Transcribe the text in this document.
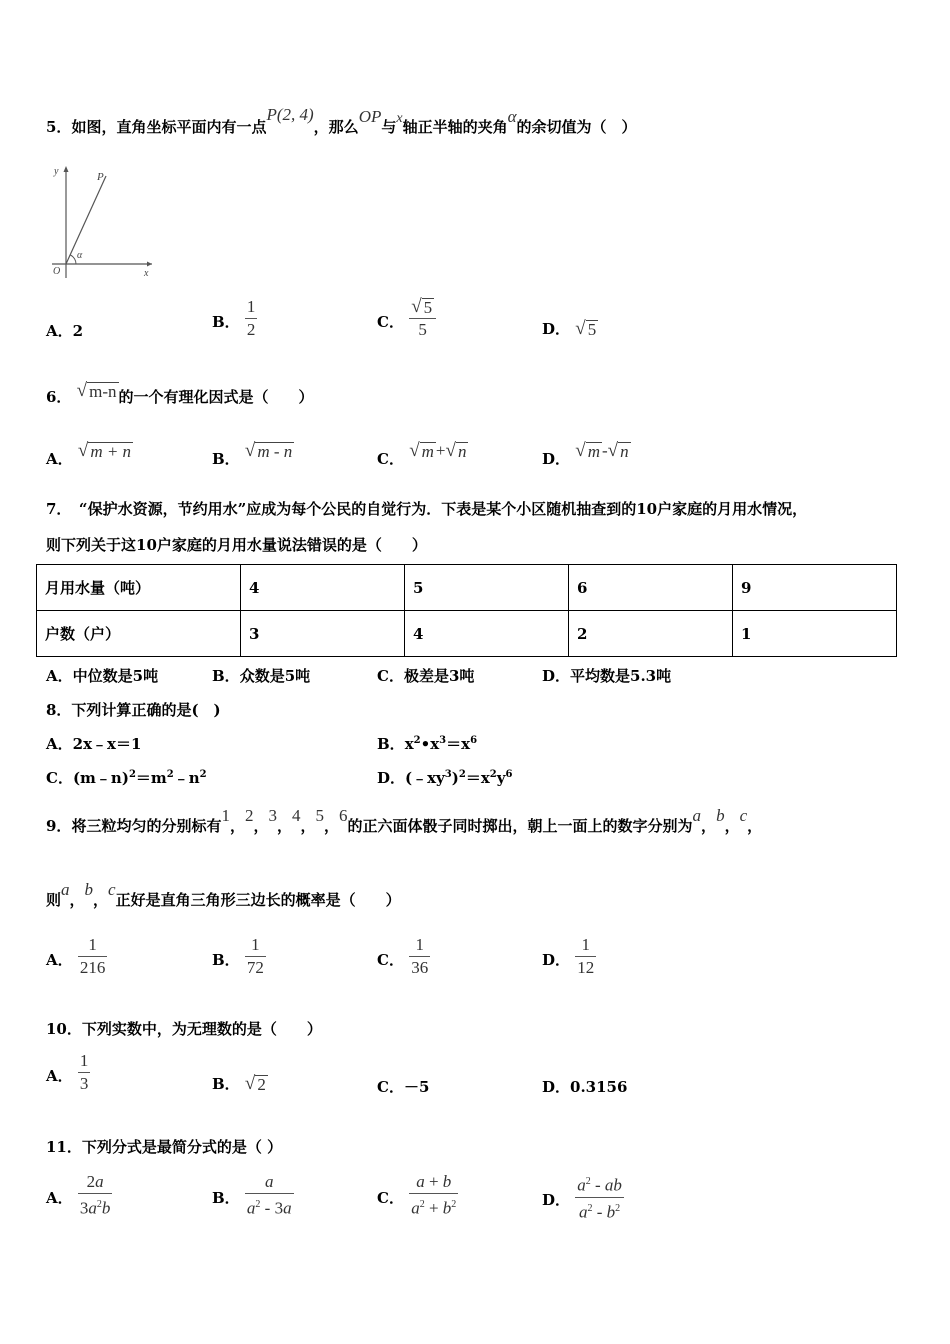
5．如图，直角坐标平面内有一点P(2, 4)，那么OP与x轴正半轴的夹角α的余切值为（　）
y
x
O
P
α
A．2
B． $\frac{1}{2}$	C． $\frac{√ 5}{5}$	D． √ 5
6． √ m-n 的一个有理化因式是（　　）
A． √ m + n	B． √ m - n	C． √ m + √ n	D． √ m - √ n
7．　“保护水资源，节约用水”应成为每个公民的自觉行为．下表是某个小区随机抽查到的10户家庭的月用水情况，
则下列关于这10户家庭的月用水量说法错误的是（　　）
月用水量（吨）	4	5	6	9
户数（户）	3	4	2	1
A．中位数是5吨	B．众数是5吨	C．极差是3吨	D．平均数是5.3吨
8．下列计算正确的是(　)
A．2x﹣x＝1	B．$x^2•x^3=x^6$
C．$(m﹣n)^2=m^2﹣n^2$	D．$(﹣xy^3)^2=x^2y^6$
9．将三粒均匀的分别标有1，2，3，4，5，6的正六面体骰子同时掷出，朝上一面上的数字分别为a，b，c，
则a，b，c正好是直角三角形三边长的概率是（　　）
A． $\frac{1}{216}$	B． $\frac{1}{72}$	C． $\frac{1}{36}$	D． $\frac{1}{12}$
10．下列实数中，为无理数的是（　　）
A． $\frac{1}{3}$	B． √ 2	C．－5	D．0.3156
11．下列分式是最简分式的是（ ）
A． $\frac{2a}{3a^2b}$	B． $\frac{a}{a^2 - 3a}$	C． $\frac{a + b}{a^2 + b^2}$	D． $\frac{a^2 - ab}{a^2 - b^2}$
